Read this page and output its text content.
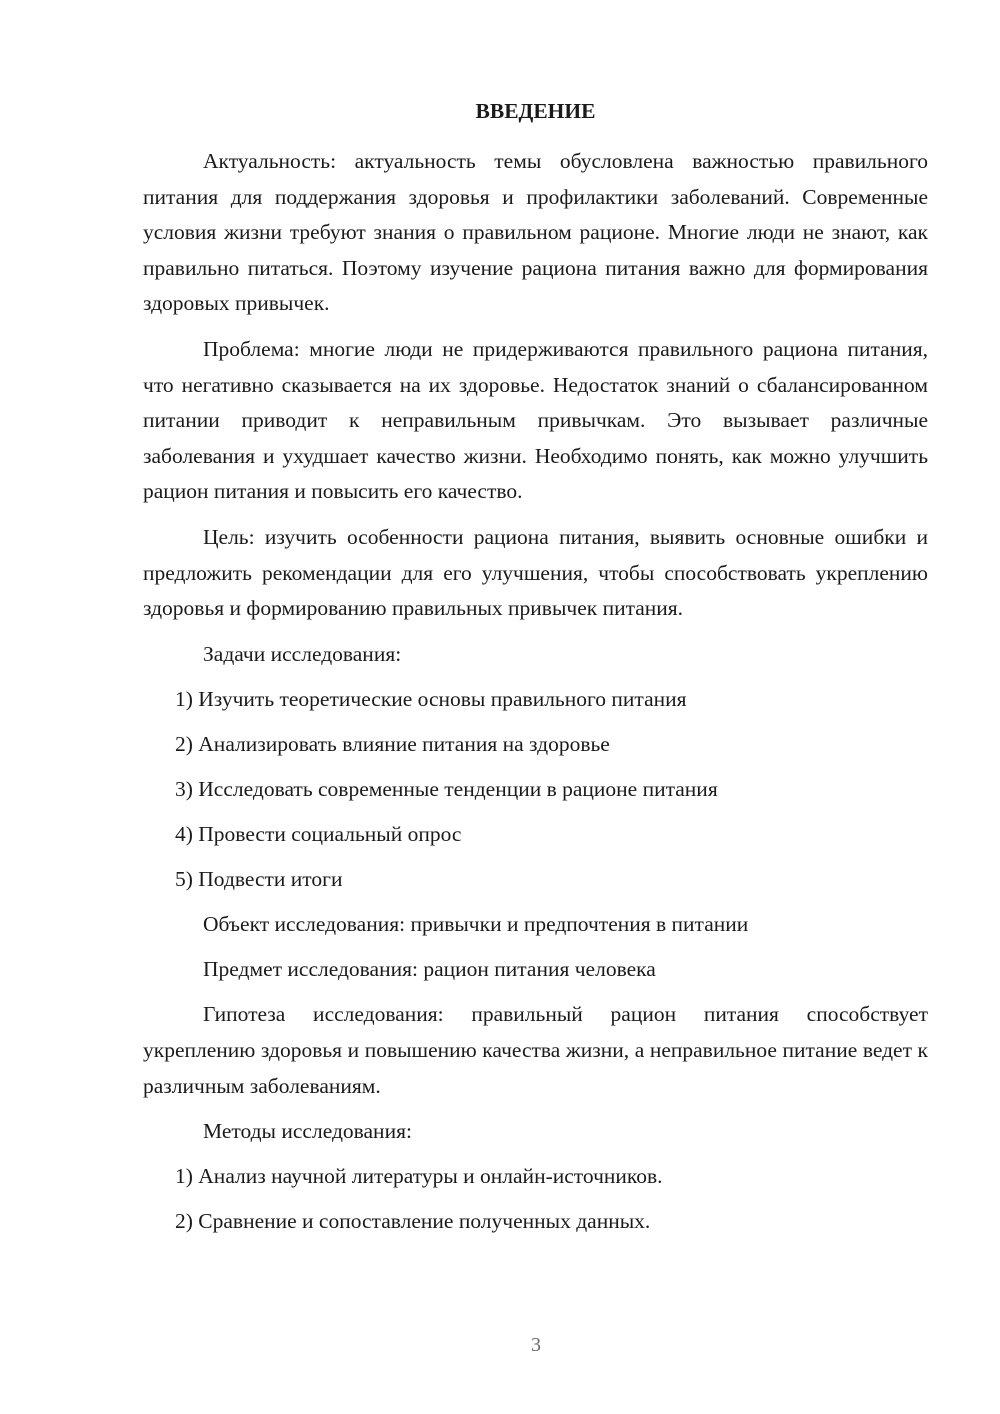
ВВЕДЕНИЕ

Актуальность: актуальность темы обусловлена важностью правильного питания для поддержания здоровья и профилактики заболеваний. Современные условия жизни требуют знания о правильном рационе. Многие люди не знают, как правильно питаться. Поэтому изучение рациона питания важно для формирования здоровых привычек.

Проблема: многие люди не придерживаются правильного рациона питания, что негативно сказывается на их здоровье. Недостаток знаний о сбалансированном питании приводит к неправильным привычкам. Это вызывает различные заболевания и ухудшает качество жизни. Необходимо понять, как можно улучшить рацион питания и повысить его качество.

Цель: изучить особенности рациона питания, выявить основные ошибки и предложить рекомендации для его улучшения, чтобы способствовать укреплению здоровья и формированию правильных привычек питания.

Задачи исследования:
1) Изучить теоретические основы правильного питания
2) Анализировать влияние питания на здоровье
3) Исследовать современные тенденции в рационе питания
4) Провести социальный опрос
5) Подвести итоги
Объект исследования: привычки и предпочтения в питании
Предмет исследования: рацион питания человека

Гипотеза исследования: правильный рацион питания способствует укреплению здоровья и повышению качества жизни, а неправильное питание ведет к различным заболеваниям.

Методы исследования:
1) Анализ научной литературы и онлайн-источников.
2) Сравнение и сопоставление полученных данных.
3
